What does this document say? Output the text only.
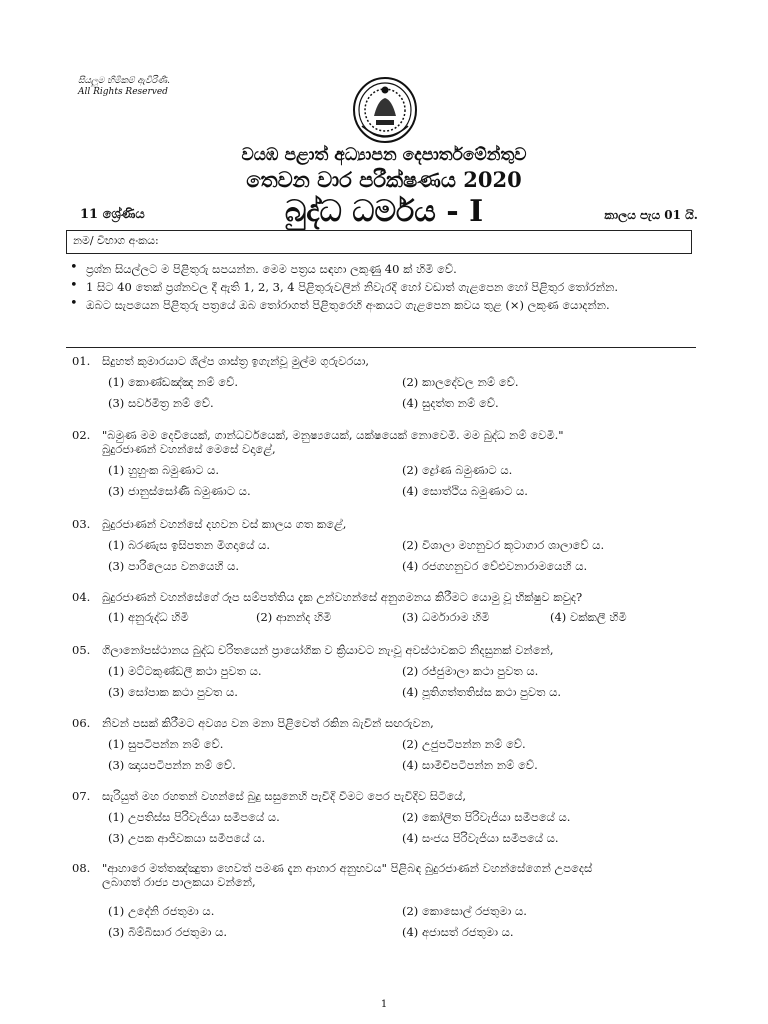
සියලුම හිමිකම් ඇවිරිණි.
All Rights Reserved
වයඹ පළාත් අධ්‍යාපන දෙපාර්තමේන්තුව
තෙවන වාර පරීක්ෂණය 2020
11 ශ්‍රේණිය	බුද්ධ ධර්මය - I	කාලය පැය 01 යි.
නම/ විභාග අංකය:
• ප්‍රශ්න සියල්ලට ම පිළිතුරු සපයන්න. මෙම පත්‍රය සඳහා ලකුණු 40 ක් හිමි වේ.
• 1 සිට 40 තෙක් ප්‍රශ්නවල දී ඇති 1, 2, 3, 4 පිළිතුරුවලින් නිවැරදි හෝ වඩාත් ගැළපෙන හෝ පිළිතුර තෝරන්න.
• ඔබට සැපයෙන පිළිතුරු පත්‍රයේ ඔබ තෝරාගත් පිළිතුරෙහි අංකයට ගැළපෙන කවය තුළ (×) ලකුණ යොදන්න.
01. සිදුහත් කුමාරයාට ශිල්ප ශාස්ත්‍ර ඉගැන්වූ මුල්ම ගුරුවරයා,
(1) කොණ්ඩඤ්ඤ නම් වේ.	(2) කාලදේවල නම් වේ.
(3) සර්වමිත්‍ර නම් වේ.	(4) සුදත්ත නම් වේ.
02. "බමුණ මම දෙවියෙක්, ගාන්ධර්වයෙක්, මනුෂ්‍යයෙක්, යක්ෂයෙක් නොවෙමි. මම බුද්ධ නම් වෙමි."
බුදුරජාණන් වහන්සේ මෙසේ වදාළේ,
(1) හුහුංක බමුණාට ය.	(2) ද්‍රෝණ බමුණාට ය.
(3) ජානුස්සෝණි බමුණාට ය.	(4) සොත්ථිය බමුණාට ය.
03. බුදුරජාණන් වහන්සේ දහවන වස් කාලය ගත කළේ,
(1) බරණැස ඉසිපතන මිගදායේ ය.	(2) විශාලා මහනුවර කූටාගාර ශාලාවේ ය.
(3) පාරිලෙය්‍ය වනයෙහි ය.	(4) රජගහනුවර වේළුවනාරාමයෙහි ය.
04. බුදුරජාණන් වහන්සේගේ රූප සම්පත්තිය දැක උන්වහන්සේ අනුගමනය කිරීමට යොමු වූ භික්ෂුව කවුද?
(1) අනුරුද්ධ හිමි	(2) ආනන්ද හිමි	(3) ධර්මාරාම හිමි	(4) වක්කලී හිමි
05. ගිලානෝපස්ථානය බුද්ධ චරිතයෙන් ප්‍රායෝගික ව ක්‍රියාවට නැංවූ අවස්ථාවකට නිදසුනක් වන්නේ,
(1) මට්ටකුණ්ඩලී කථා පුවත ය.	(2) රජ්ජුමාලා කථා පුවත ය.
(3) සෝපාක කථා පුවත ය.	(4) පූතිගත්තතිස්ස කථා පුවත ය.
06. නිවන් පසක් කිරීමට අවශ්‍ය වන මනා පිළිවෙත් රකින බැවින් සඟරුවන,
(1) සුපටිපන්න නම් වේ.	(2) උජුපටිපන්න නම් වේ.
(3) ඤායපටිපන්න නම් වේ.	(4) සාමීචිපටිපන්න නම් වේ.
07. සැරියුත් මහ රහතන් වහන්සේ බුදු සසුනෙහි පැවිදි වීමට පෙර පැවිදිව සිටියේ,
(1) උපතිස්ස පිරිවැජියා සමීපයේ ය.	(2) කෝලිත පිරිවැජියා සමීපයේ ය.
(3) උපක ආජීවකයා සමීපයේ ය.	(4) සංජය පිරිවැජියා සමීපයේ ය.
08. "ආහාරෙ මත්තඤ්ඤුතා හෙවත් පමණ දැන ආහාර අනුභවය" පිළිබඳ බුදුරජාණන් වහන්සේගෙන් උපදෙස්
ලබාගත් රාජ්‍ය පාලකයා වන්නේ,
(1) උදේනි රජතුමා ය.	(2) කොසොල් රජතුමා ය.
(3) බිම්බිසාර රජතුමා ය.	(4) අජාසත් රජතුමා ය.
1
